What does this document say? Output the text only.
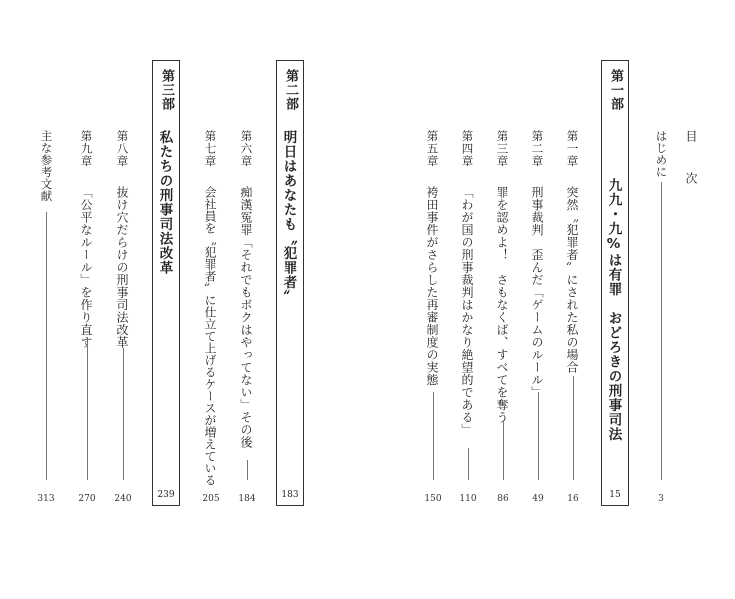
目 次
はじめに
3
第一部
15
九九・九%は有罪　おどろきの刑事司法
第一章
突然〝犯罪者〟にされた私の場合
16
第二章
刑事裁判　歪んだ「ゲームのルール」
49
第三章
罪を認めよ！　さもなくば、すべてを奪う
86
第四章
「わが国の刑事裁判はかなり絶望的である」
110
第五章
袴田事件がさらした再審制度の実態
150
第二部
183
明日はあなたも〝犯罪者〟
第六章
痴漢冤罪「それでもボクはやってない」その後
184
第七章
会社員を〝犯罪者〟に仕立て上げるケースが増えている
205
第三部
239
私たちの刑事司法改革
第八章
抜け穴だらけの刑事司法改革
240
第九章
「公平なルール」を作り直す
270
主な参考文献
313
